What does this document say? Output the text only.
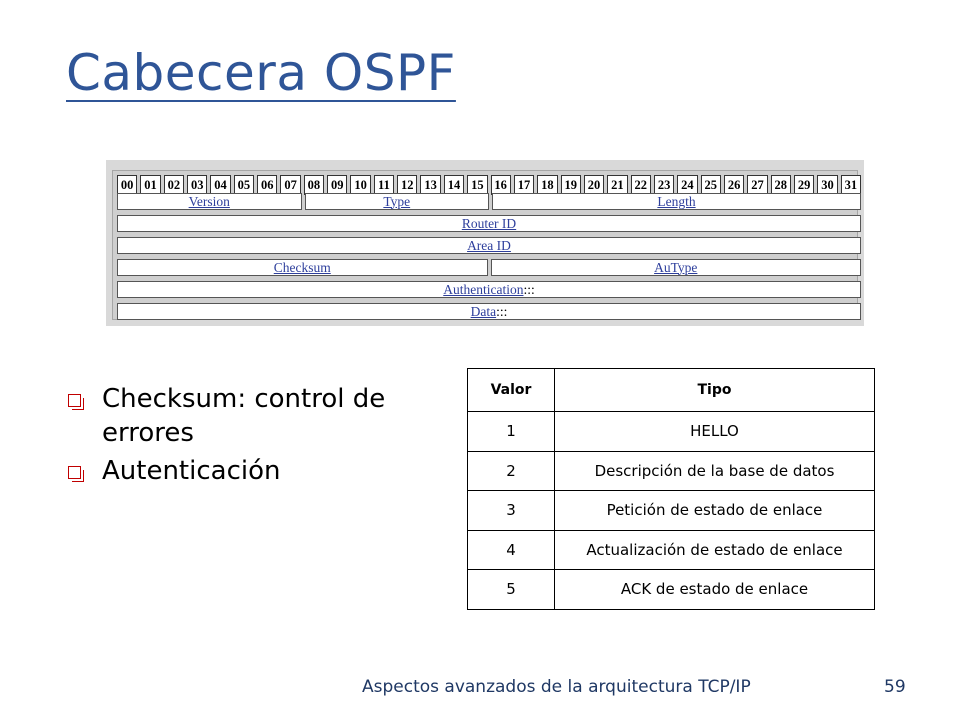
Cabecera OSPF
00 01 02 03 04 05 06 07 08 09 10 11 12 13 14 15 16 17 18 19 20 21 22 23 24 25 26 27 28 29 30 31
Version	Type	Length
Router ID
Area ID
Checksum	AuType
Authentication :::
Data :::
Checksum: control de errores
Autenticación
Valor	Tipo
1	HELLO
2	Descripción de la base de datos
3	Petición de estado de enlace
4	Actualización de estado de enlace
5	ACK de estado de enlace
Aspectos avanzados de la arquitectura TCP/IP	59
